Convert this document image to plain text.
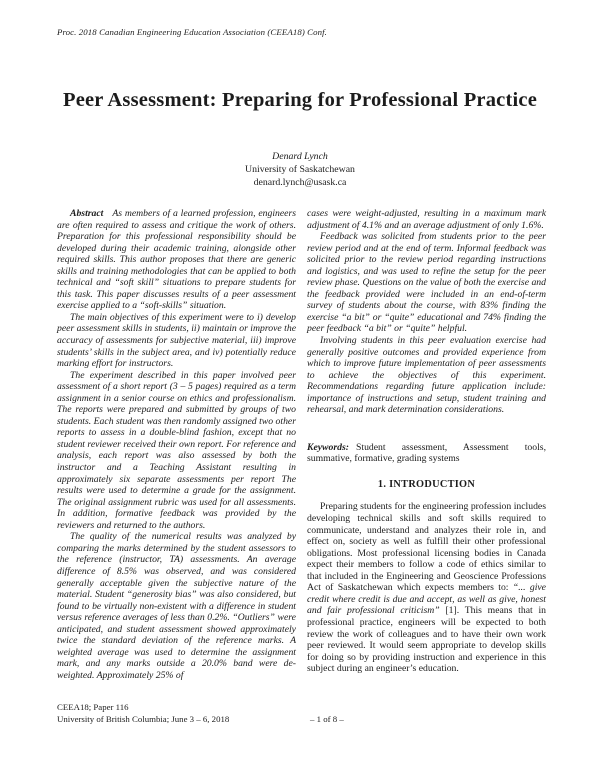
Proc. 2018 Canadian Engineering Education Association (CEEA18) Conf.
Peer Assessment: Preparing for Professional Practice
Denard Lynch
University of Saskatchewan
denard.lynch@usask.ca

Abstract As members of a learned profession, engineers are often required to assess and critique the work of others. Preparation for this professional responsibility should be developed during their academic training, alongside other required skills. This author proposes that there are generic skills and training methodologies that can be applied to both technical and “soft skill” situations to prepare students for this task. This paper discusses results of a peer assessment exercise applied to a “soft-skills” situation.

The main objectives of this experiment were to i) develop peer assessment skills in students, ii) maintain or improve the accuracy of assessments for subjective material, iii) improve students’ skills in the subject area, and iv) potentially reduce marking effort for instructors.

The experiment described in this paper involved peer assessment of a short report (3 – 5 pages) required as a term assignment in a senior course on ethics and professionalism. The reports were prepared and submitted by groups of two students. Each student was then randomly assigned two other reports to assess in a double-blind fashion, except that no student reviewer received their own report. For reference and analysis, each report was also assessed by both the instructor and a Teaching Assistant resulting in approximately six separate assessments per report The results were used to determine a grade for the assignment. The original assignment rubric was used for all assessments. In addition, formative feedback was provided by the reviewers and returned to the authors.

The quality of the numerical results was analyzed by comparing the marks determined by the student assessors to the reference (instructor, TA) assessments. An average difference of 8.5% was observed, and was considered generally acceptable given the subjective nature of the material. Student “generosity bias” was also considered, but found to be virtually non-existent with a difference in student versus reference averages of less than 0.2%. “Outliers” were anticipated, and student assessment showed approximately twice the standard deviation of the reference marks. A weighted average was used to determine the assignment mark, and any marks outside a 20.0% band were de-weighted. Approximately 25% of

cases were weight-adjusted, resulting in a maximum mark adjustment of 4.1% and an average adjustment of only 1.6%.

Feedback was solicited from students prior to the peer review period and at the end of term. Informal feedback was solicited prior to the review period regarding instructions and logistics, and was used to refine the setup for the peer review phase. Questions on the value of both the exercise and the feedback provided were included in an end-of-term survey of students about the course, with 83% finding the exercise “a bit” or “quite” educational and 74% finding the peer feedback “a bit” or “quite” helpful.

Involving students in this peer evaluation exercise had generally positive outcomes and provided experience from which to improve future implementation of peer assessments to achieve the objectives of this experiment. Recommendations regarding future application include: importance of instructions and setup, student training and rehearsal, and mark determination considerations.

Keywords: Student assessment, Assessment tools, summative, formative, grading systems

1. INTRODUCTION

Preparing students for the engineering profession includes developing technical skills and soft skills required to communicate, understand and analyzes their role in, and effect on, society as well as fulfill their other professional obligations. Most professional licensing bodies in Canada expect their members to follow a code of ethics similar to that included in the Engineering and Geoscience Professions Act of Saskatchewan which expects members to: “... give credit where credit is due and accept, as well as give, honest and fair professional criticism” [1]. This means that in professional practice, engineers will be expected to both review the work of colleagues and to have their own work peer reviewed. It would seem appropriate to develop skills for doing so by providing instruction and experience in this subject during an engineer’s education.

CEEA18; Paper 116
University of British Columbia; June 3 – 6, 2018	– 1 of 8 –
